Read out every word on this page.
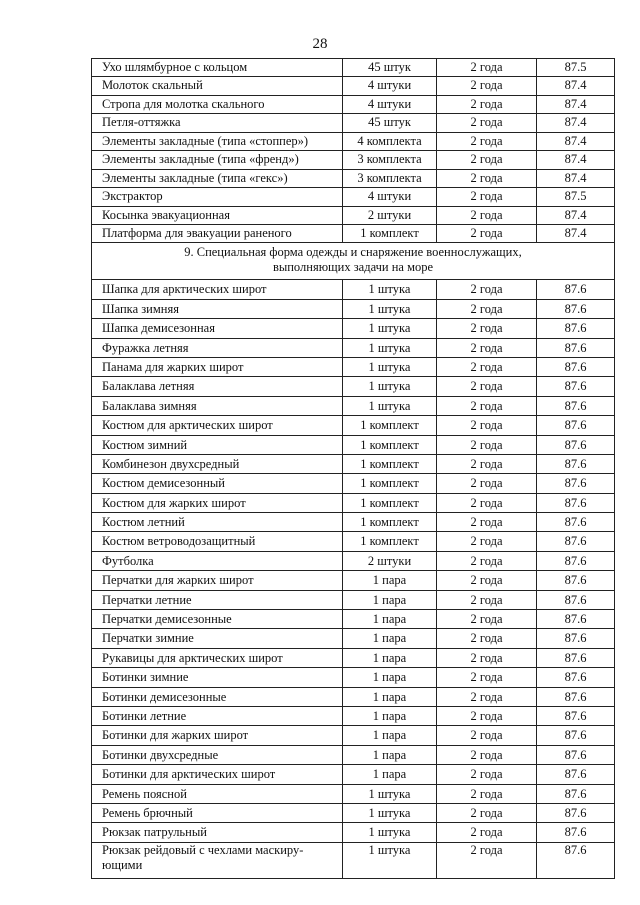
28
Ухо шлямбурное с кольцом	45 штук	2 года	87.5
Молоток скальный	4 штуки	2 года	87.4
Стропа для молотка скального	4 штуки	2 года	87.4
Петля-оттяжка	45 штук	2 года	87.4
Элементы закладные (типа «стоппер»)	4 комплекта	2 года	87.4
Элементы закладные (типа «френд»)	3 комплекта	2 года	87.4
Элементы закладные (типа «гекс»)	3 комплекта	2 года	87.4
Экстрактор	4 штуки	2 года	87.5
Косынка эвакуационная	2 штуки	2 года	87.4
Платформа для эвакуации раненого	1 комплект	2 года	87.4

9. Специальная форма одежды и снаряжение военнослужащих,
выполняющих задачи на море			

Шапка для арктических широт	1 штука	2 года	87.6
Шапка зимняя	1 штука	2 года	87.6
Шапка демисезонная	1 штука	2 года	87.6
Фуражка летняя	1 штука	2 года	87.6
Панама для жарких широт	1 штука	2 года	87.6
Балаклава летняя	1 штука	2 года	87.6
Балаклава зимняя	1 штука	2 года	87.6
Костюм для арктических широт	1 комплект	2 года	87.6
Костюм зимний	1 комплект	2 года	87.6
Комбинезон двухсредный	1 комплект	2 года	87.6
Костюм демисезонный	1 комплект	2 года	87.6
Костюм для жарких широт	1 комплект	2 года	87.6
Костюм летний	1 комплект	2 года	87.6
Костюм ветроводозащитный	1 комплект	2 года	87.6
Футболка	2 штуки	2 года	87.6
Перчатки для жарких широт	1 пара	2 года	87.6
Перчатки летние	1 пара	2 года	87.6
Перчатки демисезонные	1 пара	2 года	87.6
Перчатки зимние	1 пара	2 года	87.6
Рукавицы для арктических широт	1 пара	2 года	87.6
Ботинки зимние	1 пара	2 года	87.6
Ботинки демисезонные	1 пара	2 года	87.6
Ботинки летние	1 пара	2 года	87.6
Ботинки для жарких широт	1 пара	2 года	87.6
Ботинки двухсредные	1 пара	2 года	87.6
Ботинки для арктических широт	1 пара	2 года	87.6
Ремень поясной	1 штука	2 года	87.6
Ремень брючный	1 штука	2 года	87.6
Рюкзак патрульный	1 штука	2 года	87.6

Рюкзак рейдовый с чехлами маскиру-
ющими	1 штука	2 года	87.6
